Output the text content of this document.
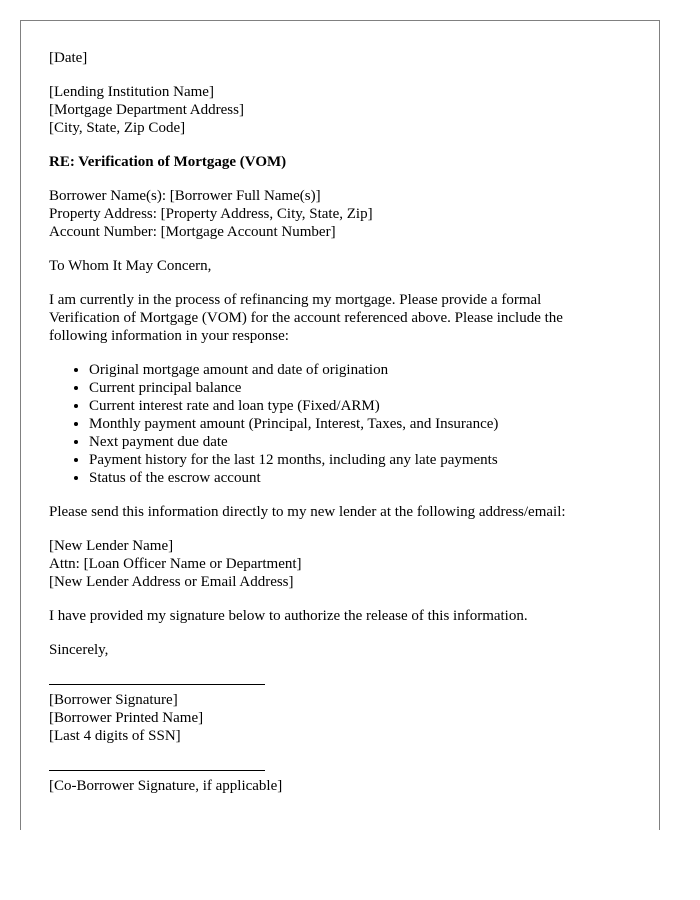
[Date]
[Lending Institution Name]
[Mortgage Department Address]
[City, State, Zip Code]
RE: Verification of Mortgage (VOM)
Borrower Name(s): [Borrower Full Name(s)]
Property Address: [Property Address, City, State, Zip]
Account Number: [Mortgage Account Number]
To Whom It May Concern,
I am currently in the process of refinancing my mortgage. Please provide a formal
Verification of Mortgage (VOM) for the account referenced above. Please include the
following information in your response:
• Original mortgage amount and date of origination
• Current principal balance
• Current interest rate and loan type (Fixed/ARM)
• Monthly payment amount (Principal, Interest, Taxes, and Insurance)
• Next payment due date
• Payment history for the last 12 months, including any late payments
• Status of the escrow account
Please send this information directly to my new lender at the following address/email:
[New Lender Name]
Attn: [Loan Officer Name or Department]
[New Lender Address or Email Address]
I have provided my signature below to authorize the release of this information.
Sincerely,
[Borrower Signature]
[Borrower Printed Name]
[Last 4 digits of SSN]
[Co-Borrower Signature, if applicable]
